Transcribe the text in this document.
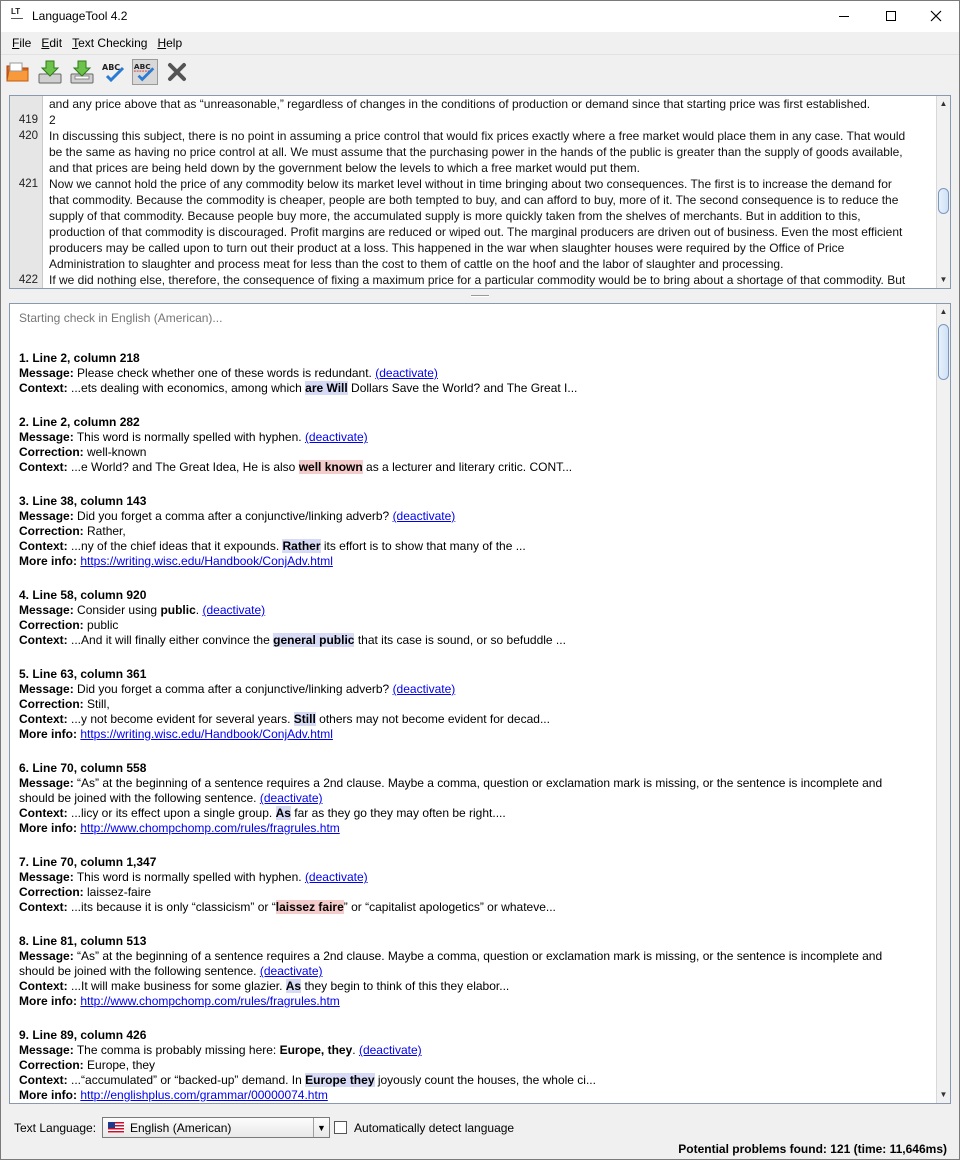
LT LanguageTool 4.2
File Edit Text Checking Help
ABC ABC
419
420
421
422

and any price above that as “unreasonable,” regardless of changes in the conditions of production or demand since that starting price was first established.

2

In discussing this subject, there is no point in assuming a price control that would fix prices exactly where a free market would place them in any case. That would

be the same as having no price control at all. We must assume that the purchasing power in the hands of the public is greater than the supply of goods available,

and that prices are being held down by the government below the levels to which a free market would put them.

Now we cannot hold the price of any commodity below its market level without in time bringing about two consequences. The first is to increase the demand for

that commodity. Because the commodity is cheaper, people are both tempted to buy, and can afford to buy, more of it. The second consequence is to reduce the

supply of that commodity. Because people buy more, the accumulated supply is more quickly taken from the shelves of merchants. But in addition to this,

production of that commodity is discouraged. Profit margins are reduced or wiped out. The marginal producers are driven out of business. Even the most efficient

producers may be called upon to turn out their product at a loss. This happened in the war when slaughter houses were required by the Office of Price

Administration to slaughter and process meat for less than the cost to them of cattle on the hoof and the labor of slaughter and processing.

If we did nothing else, therefore, the consequence of fixing a maximum price for a particular commodity would be to bring about a shortage of that commodity. But

▲
▼
Starting check in English (American)...
1. Line 2, column 218
Message: Please check whether one of these words is redundant. (deactivate)
Context: ...ets dealing with economics, among which are Will Dollars Save the World? and The Great I...
2. Line 2, column 282
Message: This word is normally spelled with hyphen. (deactivate)
Correction: well-known
Context: ...e World? and The Great Idea, He is also well known as a lecturer and literary critic. CONT...
3. Line 38, column 143
Message: Did you forget a comma after a conjunctive/linking adverb? (deactivate)
Correction: Rather,
Context: ...ny of the chief ideas that it expounds. Rather its effort is to show that many of the ...
More info: https://writing.wisc.edu/Handbook/ConjAdv.html
4. Line 58, column 920
Message: Consider using public. (deactivate)
Correction: public
Context: ...And it will finally either convince the general public that its case is sound, or so befuddle ...
5. Line 63, column 361
Message: Did you forget a comma after a conjunctive/linking adverb? (deactivate)
Correction: Still,
Context: ...y not become evident for several years. Still others may not become evident for decad...
More info: https://writing.wisc.edu/Handbook/ConjAdv.html
6. Line 70, column 558
Message: “As” at the beginning of a sentence requires a 2nd clause. Maybe a comma, question or exclamation mark is missing, or the sentence is incomplete and
should be joined with the following sentence. (deactivate)
Context: ...licy or its effect upon a single group. As far as they go they may often be right....
More info: http://www.chompchomp.com/rules/fragrules.htm
7. Line 70, column 1,347
Message: This word is normally spelled with hyphen. (deactivate)
Correction: laissez-faire
Context: ...its because it is only “classicism” or “laissez faire” or “capitalist apologetics” or whateve...
8. Line 81, column 513
Message: “As” at the beginning of a sentence requires a 2nd clause. Maybe a comma, question or exclamation mark is missing, or the sentence is incomplete and
should be joined with the following sentence. (deactivate)
Context: ...It will make business for some glazier. As they begin to think of this they elabor...
More info: http://www.chompchomp.com/rules/fragrules.htm
9. Line 89, column 426
Message: The comma is probably missing here: Europe, they. (deactivate)
Correction: Europe, they
Context: ...“accumulated” or “backed-up” demand. In Europe they joyously count the houses, the whole ci...
More info: http://englishplus.com/grammar/00000074.htm
▲
▼
Text Language:	English (American)	▼ Automatically detect language
Potential problems found: 121 (time: 11,646ms)
